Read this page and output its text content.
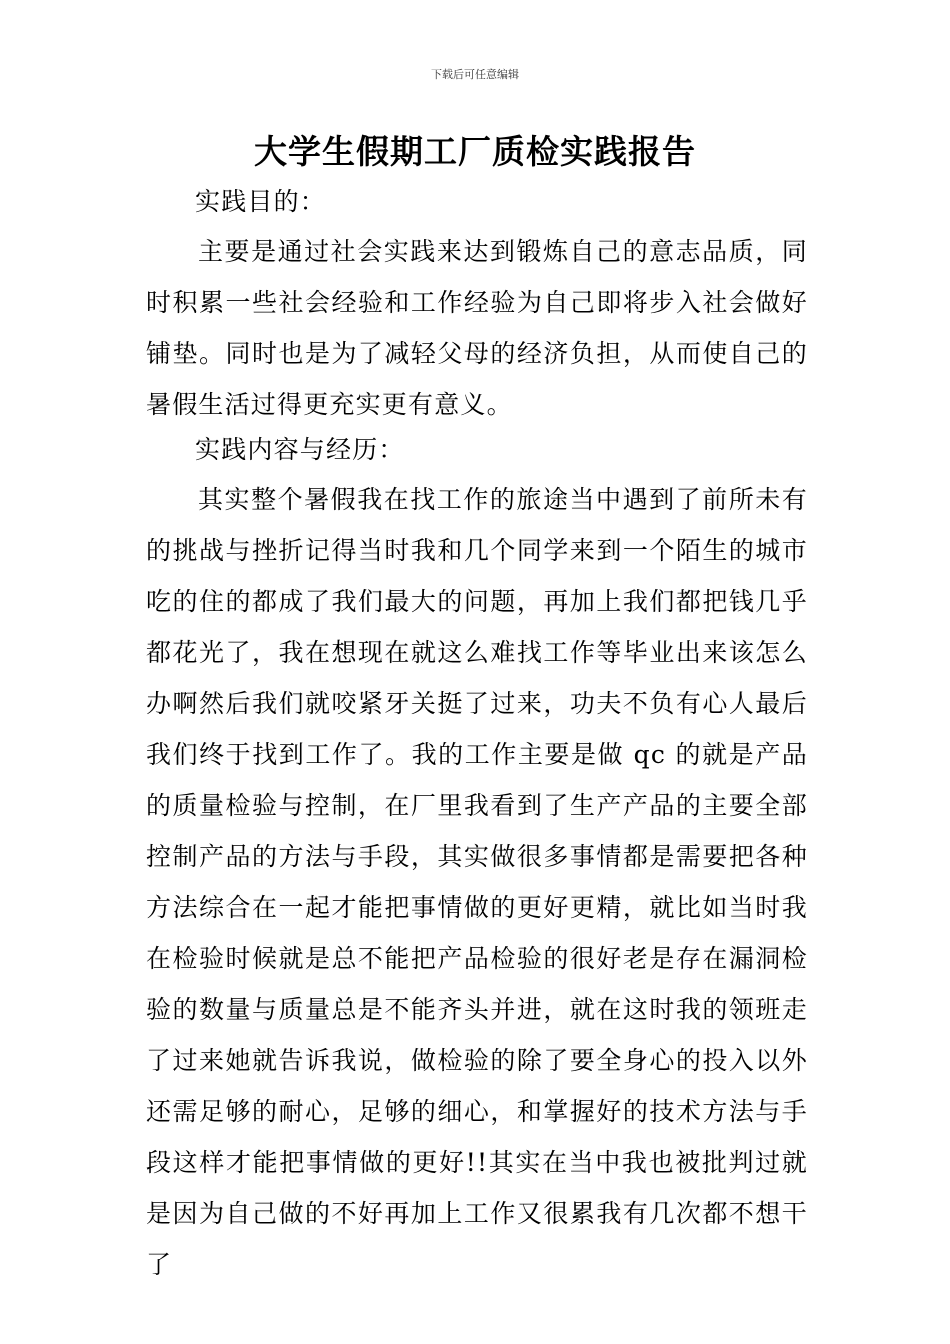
下载后可任意编辑
大学生假期工厂质检实践报告

实践目的：

主要是通过社会实践来达到锻炼自己的意志品质，同时积累一些社会经验和工作经验为自己即将步入社会做好铺垫。同时也是为了减轻父母的经济负担，从而使自己的暑假生活过得更充实更有意义。

实践内容与经历：

其实整个暑假我在找工作的旅途当中遇到了前所未有的挑战与挫折记得当时我和几个同学来到一个陌生的城市吃的住的都成了我们最大的问题，再加上我们都把钱几乎都花光了，我在想现在就这么难找工作等毕业出来该怎么办啊然后我们就咬紧牙关挺了过来，功夫不负有心人最后我们终于找到工作了。我的工作主要是做 qc 的就是产品的质量检验与控制，在厂里我看到了生产产品的主要全部控制产品的方法与手段，其实做很多事情都是需要把各种方法综合在一起才能把事情做的更好更精，就比如当时我在检验时候就是总不能把产品检验的很好老是存在漏洞检验的数量与质量总是不能齐头并进，就在这时我的领班走了过来她就告诉我说，做检验的除了要全身心的投入以外还需足够的耐心，足够的细心，和掌握好的技术方法与手段这样才能把事情做的更好!!其实在当中我也被批判过就是因为自己做的不好再加上工作又很累我有几次都不想干了
